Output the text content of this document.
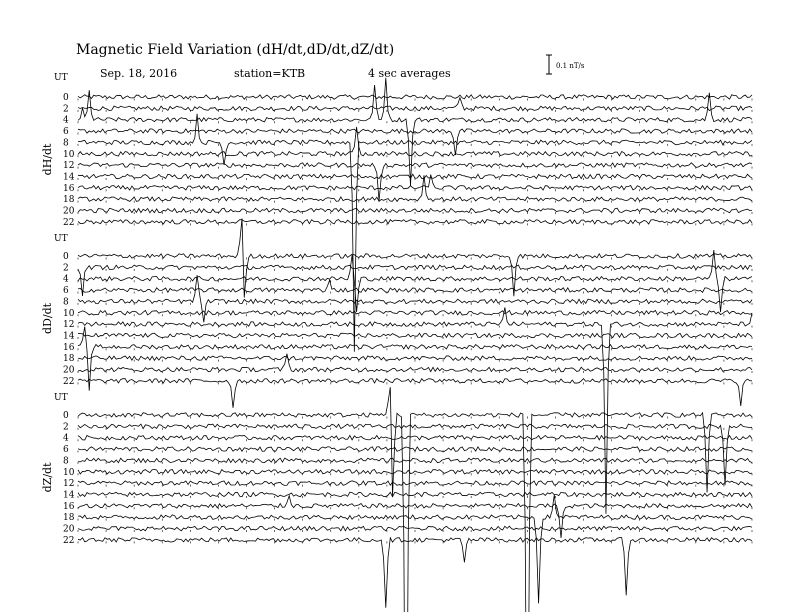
Magnetic Field Variation (dH/dt,dD/dt,dZ/dt)
Sep. 18, 2016	station=KTB	4 sec averages
0.1 nT/s
UT
dH/dt
0
2
4
6
8
10
12
14
16
18
20
22
UT
dD/dt
0
2
4
6
8
10
12
14
16
18
20
22
UT
dZ/dt
0
2
4
6
8
10
12
14
16
18
20
22
